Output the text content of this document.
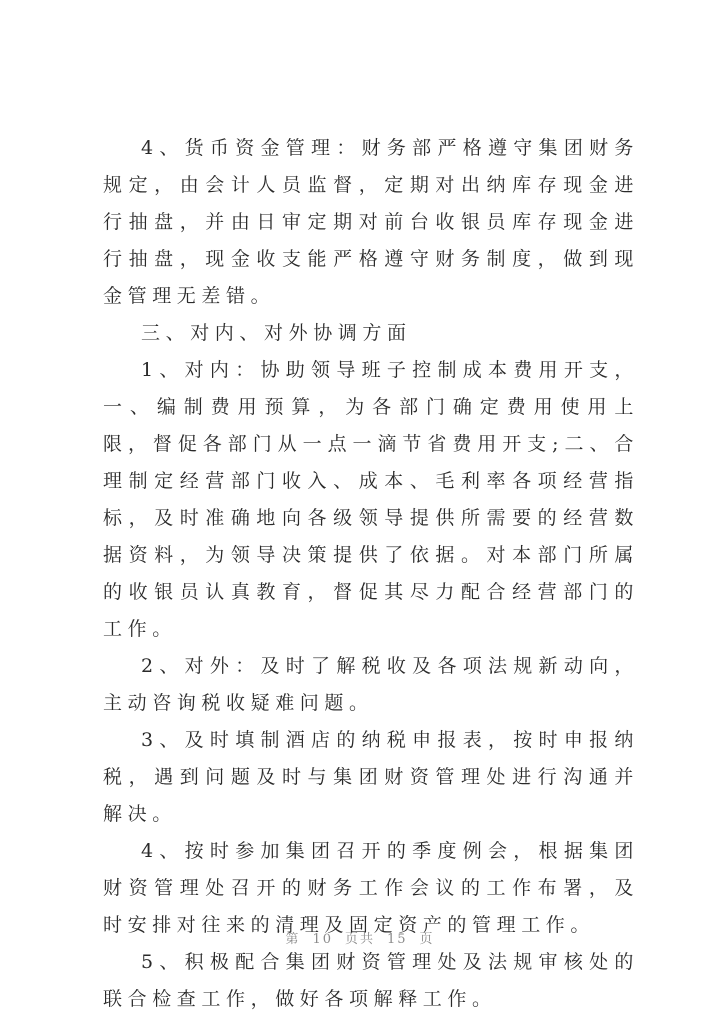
4、货币资金管理：财务部严格遵守集团财务规定，由会计人员监督，定期对出纳库存现金进行抽盘，并由日审定期对前台收银员库存现金进行抽盘，现金收支能严格遵守财务制度，做到现金管理无差错。

三、对内、对外协调方面

1、对内：协助领导班子控制成本费用开支，一、编制费用预算，为各部门确定费用使用上限，督促各部门从一点一滴节省费用开支;二、合理制定经营部门收入、成本、毛利率各项经营指标，及时准确地向各级领导提供所需要的经营数据资料，为领导决策提供了依据。对本部门所属的收银员认真教育，督促其尽力配合经营部门的工作。

2、对外：及时了解税收及各项法规新动向，主动咨询税收疑难问题。

3、及时填制酒店的纳税申报表，按时申报纳税，遇到问题及时与集团财资管理处进行沟通并解决。

4、按时参加集团召开的季度例会，根据集团财资管理处召开的财务工作会议的工作布署，及时安排对往来的清理及固定资产的管理工作。

5、积极配合集团财资管理处及法规审核处的联合检查工作，做好各项解释工作。

第 10 页共 15 页
